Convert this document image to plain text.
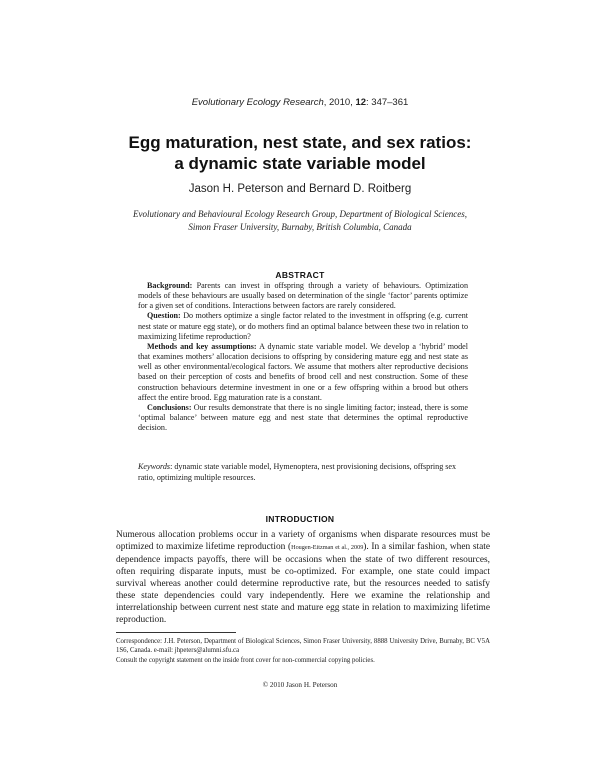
Evolutionary Ecology Research, 2010, 12: 347–361
Egg maturation, nest state, and sex ratios:
a dynamic state variable model
Jason H. Peterson and Bernard D. Roitberg
Evolutionary and Behavioural Ecology Research Group, Department of Biological Sciences,
Simon Fraser University, Burnaby, British Columbia, Canada
ABSTRACT

Background: Parents can invest in offspring through a variety of behaviours. Optimization models of these behaviours are usually based on determination of the single ‘factor’ parents optimize for a given set of conditions. Interactions between factors are rarely considered.

Question: Do mothers optimize a single factor related to the investment in offspring (e.g. current nest state or mature egg state), or do mothers find an optimal balance between these two in relation to maximizing lifetime reproduction?

Methods and key assumptions: A dynamic state variable model. We develop a ‘hybrid’ model that examines mothers’ allocation decisions to offspring by considering mature egg and nest state as well as other environmental/ecological factors. We assume that mothers alter reproductive decisions based on their perception of costs and benefits of brood cell and nest construction. Some of these construction behaviours determine investment in one or a few offspring within a brood but others affect the entire brood. Egg maturation rate is a constant.

Conclusions: Our results demonstrate that there is no single limiting factor; instead, there is some ‘optimal balance’ between mature egg and nest state that determines the optimal reproductive decision.

Keywords: dynamic state variable model, Hymenoptera, nest provisioning decisions, offspring sex ratio, optimizing multiple resources.
INTRODUCTION

Numerous allocation problems occur in a variety of organisms when disparate resources must be optimized to maximize lifetime reproduction (Hougen-Eitzman et al., 2009). In a similar fashion, when state dependence impacts payoffs, there will be occasions when the state of two different resources, often requiring disparate inputs, must be co-optimized. For example, one state could impact survival whereas another could determine reproductive rate, but the resources needed to satisfy these state dependencies could vary independently. Here we examine the relationship and interrelationship between current nest state and mature egg state in relation to maximizing lifetime reproduction.

Correspondence: J.H. Peterson, Department of Biological Sciences, Simon Fraser University, 8888 University Drive, Burnaby, BC V5A 1S6, Canada. e-mail: jhpeters@alumni.sfu.ca

Consult the copyright statement on the inside front cover for non-commercial copying policies.

© 2010 Jason H. Peterson
